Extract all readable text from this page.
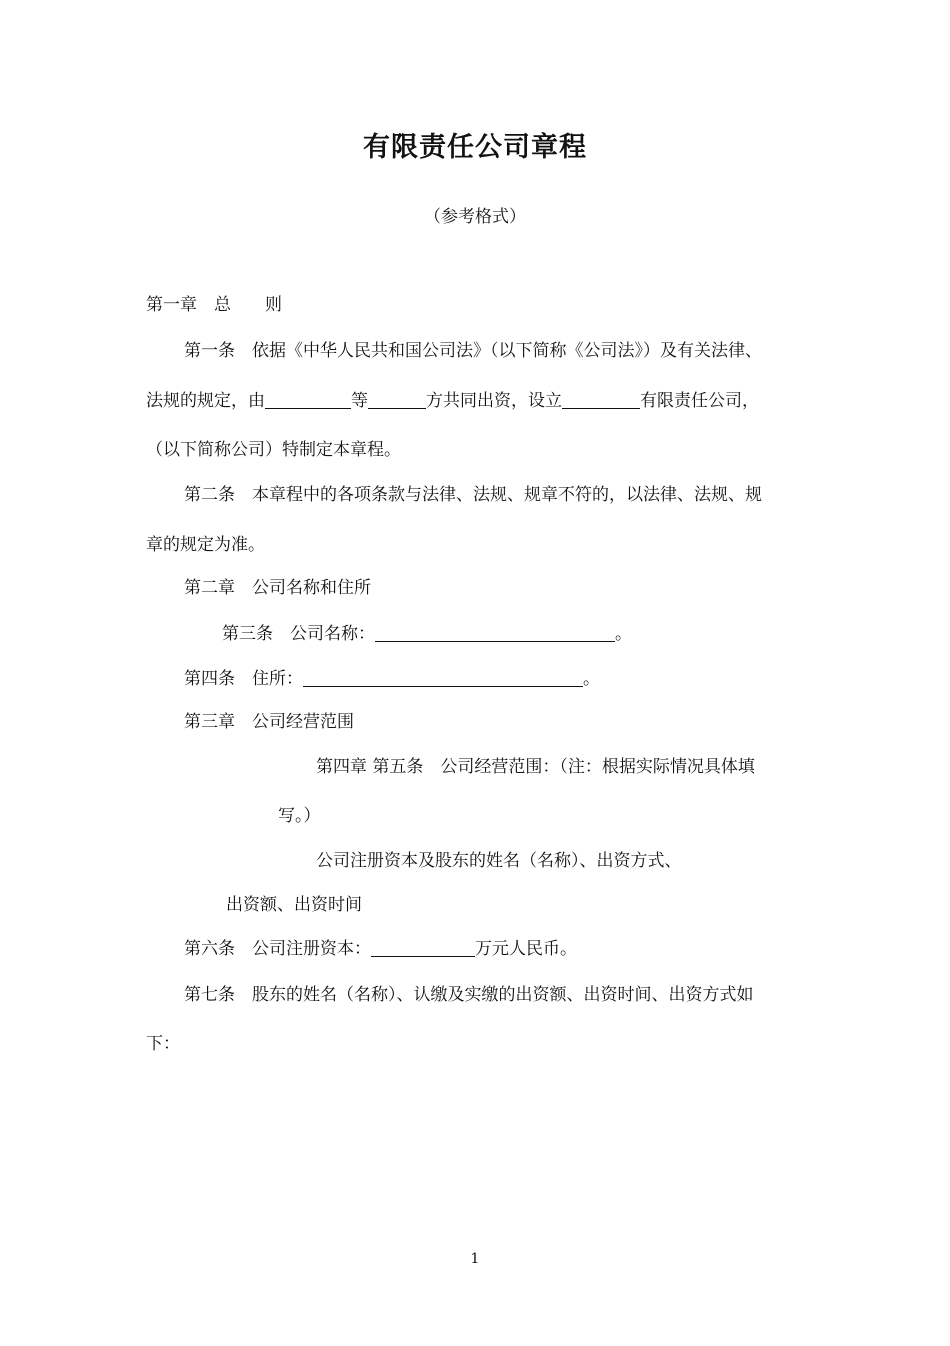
有限责任公司章程
（参考格式）
第一章　总　　则
第一条　依据《中华人民共和国公司法》（以下简称《公司法》）及有关法律、
法规的规定，由	等	方共同出资，设立	有限责任公司，
（以下简称公司）特制定本章程。
第二条　本章程中的各项条款与法律、法规、规章不符的，以法律、法规、规
章的规定为准。
第二章　公司名称和住所
第三条　公司名称：	。
第四条　住所：	。
第三章　公司经营范围
第四章 第五条　公司经营范围：（注：根据实际情况具体填
写。）
公司注册资本及股东的姓名（名称）、出资方式、
出资额、出资时间
第六条　公司注册资本：	万元人民币。
第七条　股东的姓名（名称）、认缴及实缴的出资额、出资时间、出资方式如
下：
1
